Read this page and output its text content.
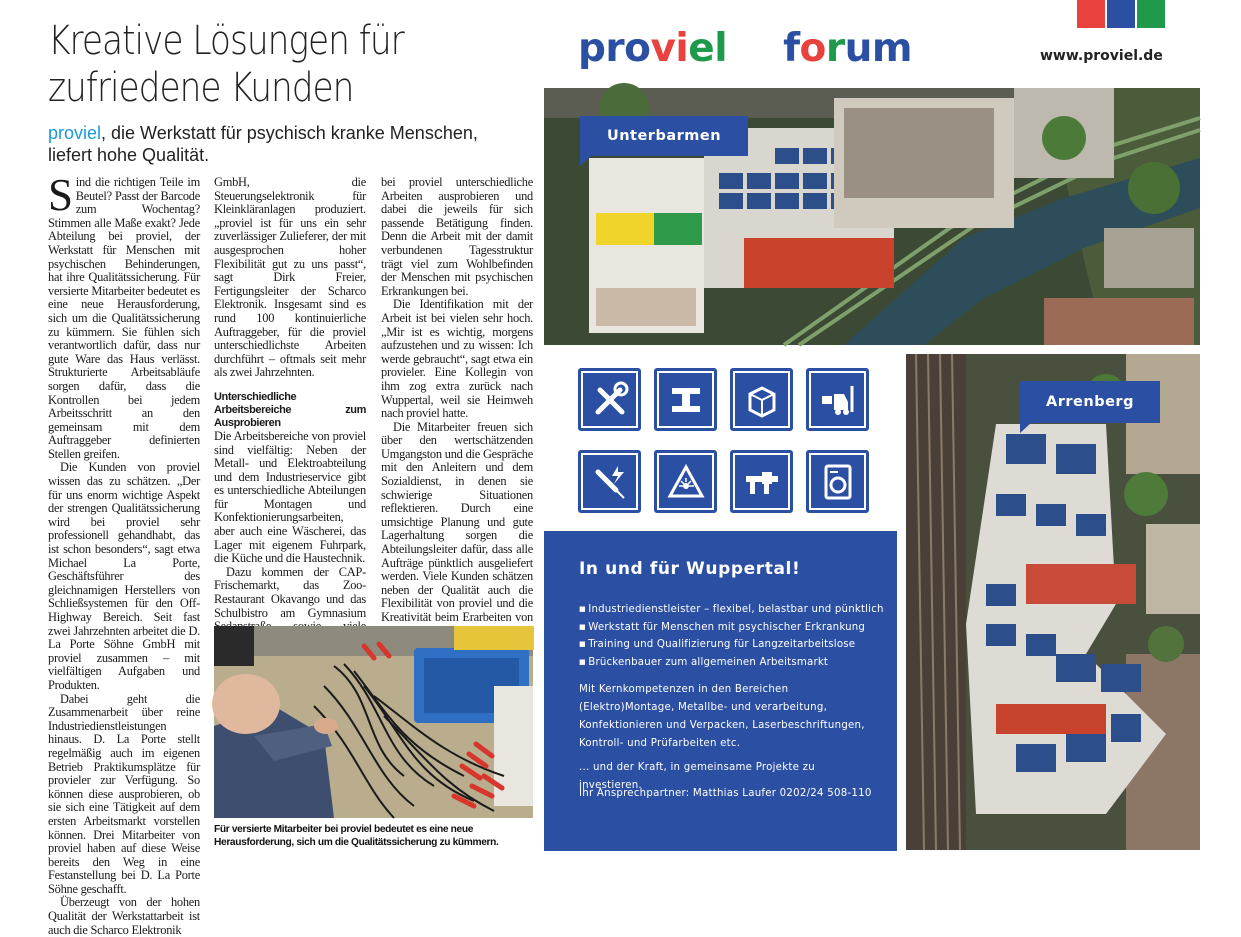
Kreative Lösungen für
zufriedene Kunden
proviel, die Werkstatt für psychisch kranke Menschen, liefert hohe Qualität.

Sind die richtigen Teile im Beutel? Passt der Barcode zum Wochentag? Stimmen alle Maße exakt? Jede Abteilung bei proviel, der Werkstatt für Menschen mit psychischen Behinderungen, hat ihre Qualitätssicherung. Für versierte Mitarbeiter bedeutet es eine neue Herausforderung, sich um die Qualitätssicherung zu kümmern. Sie fühlen sich verantwortlich dafür, dass nur gute Ware das Haus verlässt. Strukturierte Arbeitsabläufe sorgen dafür, dass die Kontrollen bei jedem Arbeitsschritt an den gemeinsam mit dem Auftraggeber definierten Stellen greifen.

Die Kunden von proviel wissen das zu schätzen. „Der für uns enorm wichtige Aspekt der strengen Qualitätssicherung wird bei proviel sehr professionell gehandhabt, das ist schon besonders“, sagt etwa Michael La Porte, Geschäftsführer des gleichnamigen Herstellers von Schließsystemen für den Off-Highway Bereich. Seit fast zwei Jahrzehnten arbeitet die D. La Porte Söhne GmbH mit proviel zusammen – mit vielfältigen Aufgaben und Produkten.

Dabei geht die Zusammenarbeit über reine Industriedienstleistungen hinaus. D. La Porte stellt regelmäßig auch im eigenen Betrieb Praktikumsplätze für provieler zur Verfügung. So können diese ausprobieren, ob sie sich eine Tätigkeit auf dem ersten Arbeitsmarkt vorstellen können. Drei Mitarbeiter von proviel haben auf diese Weise bereits den Weg in eine Festanstellung bei D. La Porte Söhne geschafft.

Überzeugt von der hohen Qualität der Werkstattarbeit ist auch die Scharco Elektronik

GmbH, die Steuerungselektronik für Kleinkläranlagen produziert. „proviel ist für uns ein sehr zuverlässiger Zulieferer, der mit ausgesprochen hoher Flexibilität gut zu uns passt“, sagt Dirk Freier, Fertigungsleiter der Scharco Elektronik. Insgesamt sind es rund 100 kontinuierliche Auftraggeber, für die proviel unterschiedlichste Arbeiten durchführt – oftmals seit mehr als zwei Jahrzehnten.

Unterschiedliche Arbeitsbereiche zum Ausprobieren

Die Arbeitsbereiche von proviel sind vielfältig: Neben der Metall- und Elektroabteilung und dem Industrieservice gibt es unterschiedliche Abteilungen für Montagen und Konfektionierungsarbeiten, aber auch eine Wäscherei, das Lager mit eigenem Fuhrpark, die Küche und die Haustechnik.

Dazu kommen der CAP-Frischemarkt, das Zoo-Restaurant Okavango und das Schulbistro am Gymnasium

bei proviel unterschiedliche Arbeiten ausprobieren und dabei die jeweils für sich passende Betätigung finden. Denn die Arbeit mit der damit verbundenen Tagesstruktur trägt viel zum Wohlbefinden der Menschen mit psychischen Erkrankungen bei.

Die Identifikation mit der Arbeit ist bei vielen sehr hoch. „Mir ist es wichtig, morgens aufzustehen und zu wissen: Ich werde gebraucht“, sagt etwa ein provieler. Eine Kollegin von ihm zog extra zurück nach Wuppertal, weil sie Heimweh nach proviel hatte.

Die Mitarbeiter freuen sich über den wertschätzenden Umgangston und die Gespräche mit den Anleitern und dem Sozialdienst, in denen sie schwierige Situationen reflektieren. Durch eine umsichtige Planung und gute Lagerhaltung sorgen die Abteilungsleiter dafür, dass alle Aufträge pünktlich ausgeliefert werden. Viele Kunden schätzen neben der Qualität auch die Flexibilität von proviel und die Kreativität beim Erarbeiten von

Für versierte Mitarbeiter bei proviel bedeutet es eine neue Herausforderung, sich um die Qualitätssicherung zu kümmern.
proviel forum	www.proviel.de
Unterbarmen
Arrenberg
In und für Wuppertal!
■ Industriedienstleister – flexibel, belastbar und pünktlich
■ Werkstatt für Menschen mit psychischer Erkrankung
■ Training und Qualifizierung für Langzeitarbeitslose
■ Brückenbauer zum allgemeinen Arbeitsmarkt
Mit Kernkompetenzen in den Bereichen (Elektro)Montage, Metallbe- und verarbeitung, Konfektionieren und Verpacken, Laserbeschriftungen, Kontroll- und Prüfarbeiten etc.
... und der Kraft, in gemeinsame Projekte zu investieren.
Ihr Ansprechpartner: Matthias Laufer 0202/24 508-110
